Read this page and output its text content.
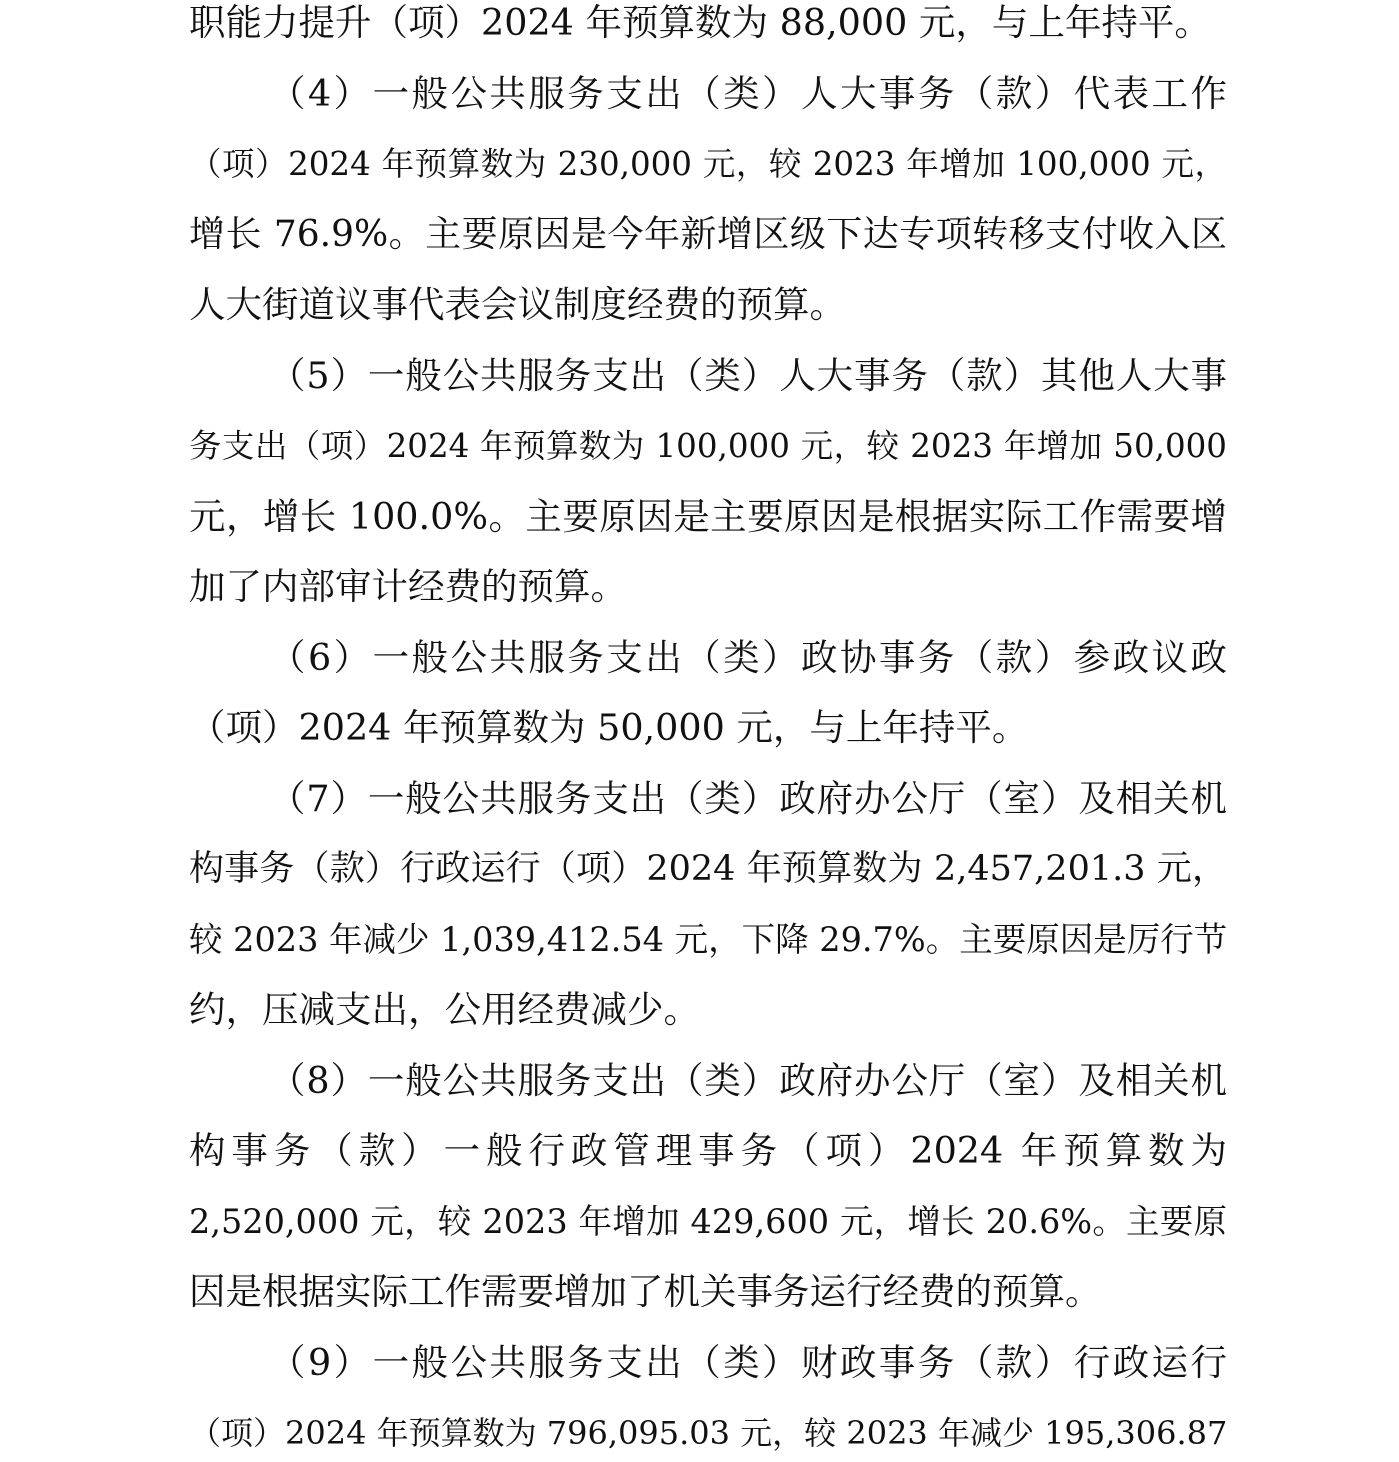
职能力提升（项）2024 年预算数为 88,000 元，与上年持平。
（4）一般公共服务支出（类）人大事务（款）代表工作
（项）2024 年预算数为 230,000 元，较 2023 年增加 100,000 元，
增长 76.9%。主要原因是今年新增区级下达专项转移支付收入区
人大街道议事代表会议制度经费的预算。
（5）一般公共服务支出（类）人大事务（款）其他人大事
务支出（项）2024 年预算数为 100,000 元，较 2023 年增加 50,000
元，增长 100.0%。主要原因是主要原因是根据实际工作需要增
加了内部审计经费的预算。
（6）一般公共服务支出（类）政协事务（款）参政议政
（项）2024 年预算数为 50,000 元，与上年持平。
（7）一般公共服务支出（类）政府办公厅（室）及相关机
构事务（款）行政运行（项）2024 年预算数为 2,457,201.3 元，
较 2023 年减少 1,039,412.54 元，下降 29.7%。主要原因是厉行节
约，压减支出，公用经费减少。
（8）一般公共服务支出（类）政府办公厅（室）及相关机
构事务（款）一般行政管理事务（项）2024 年预算数为
2,520,000 元，较 2023 年增加 429,600 元，增长 20.6%。主要原
因是根据实际工作需要增加了机关事务运行经费的预算。
（9）一般公共服务支出（类）财政事务（款）行政运行
（项）2024 年预算数为 796,095.03 元，较 2023 年减少 195,306.87
